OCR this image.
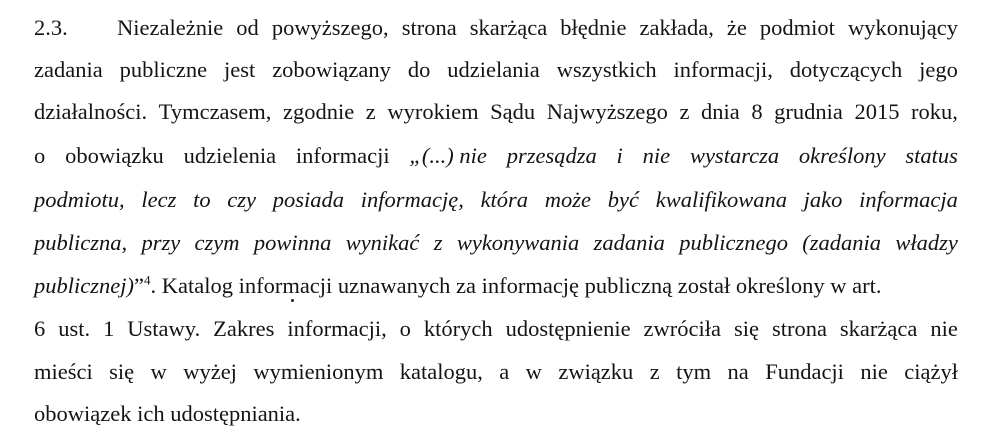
2.3.	Niezależnie od powyższego, strona skarżąca błędnie zakłada, że podmiot wykonujący
zadania publiczne jest zobowiązany do udzielania wszystkich informacji, dotyczących jego
działalności. Tymczasem, zgodnie z wyrokiem Sądu Najwyższego z dnia 8 grudnia 2015 roku,
o obowiązku udzielenia informacji „(...) nie przesądza i nie wystarcza określony status
podmiotu, lecz to czy posiada informację, która może być kwalifikowana jako informacja
publiczna, przy czym powinna wynikać z wykonywania zadania publicznego (zadania władzy
publicznej)”$^4$. Katalog informacji uznawanych za informację publiczną został określony w art.
6 ust. 1 Ustawy. Zakres informacji, o których udostępnienie zwróciła się strona skarżąca nie
mieści się w wyżej wymienionym katalogu, a w związku z tym na Fundacji nie ciążył
obowiązek ich udostępniania.
